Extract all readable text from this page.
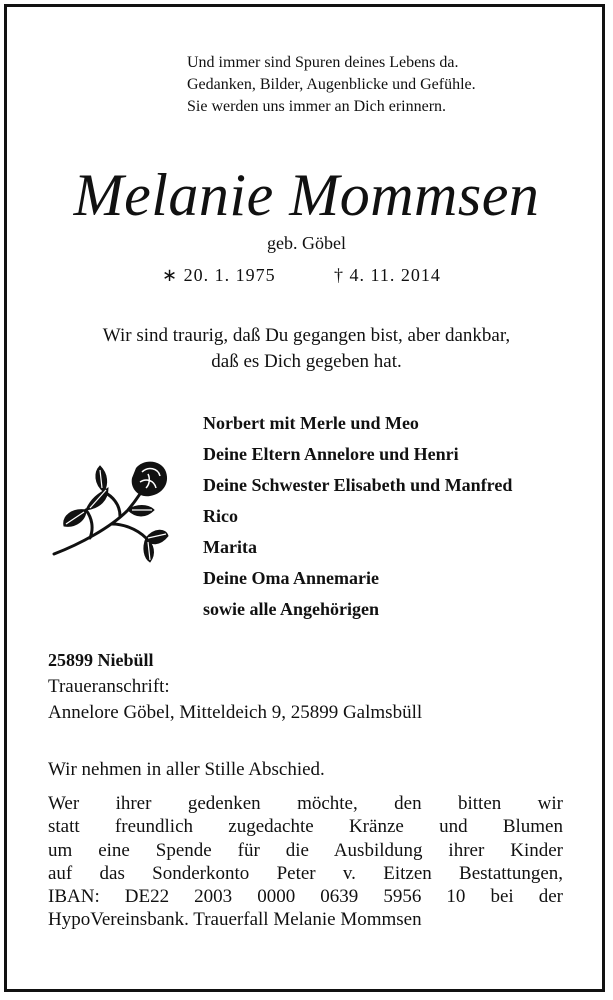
Und immer sind Spuren deines Lebens da.
Gedanken, Bilder, Augenblicke und Gefühle.
Sie werden uns immer an Dich erinnern.
Melanie Mommsen
geb. Göbel
∗ 20. 1. 1975	† 4. 11. 2014
Wir sind traurig, daß Du gegangen bist, aber dankbar,
daß es Dich gegeben hat.
Norbert mit Merle und Meo
Deine Eltern Annelore und Henri
Deine Schwester Elisabeth und Manfred
Rico
Marita
Deine Oma Annemarie
sowie alle Angehörigen
25899 Niebüll
Traueranschrift:
Annelore Göbel, Mitteldeich 9, 25899 Galmsbüll
Wir nehmen in aller Stille Abschied.
Wer ihrer gedenken möchte, den bitten wir
statt freundlich zugedachte Kränze und Blumen
um eine Spende für die Ausbildung ihrer Kinder
auf das Sonderkonto Peter v. Eitzen Bestattungen,
IBAN: DE22 2003 0000 0639 5956 10 bei der
HypoVereinsbank. Trauerfall Melanie Mommsen
